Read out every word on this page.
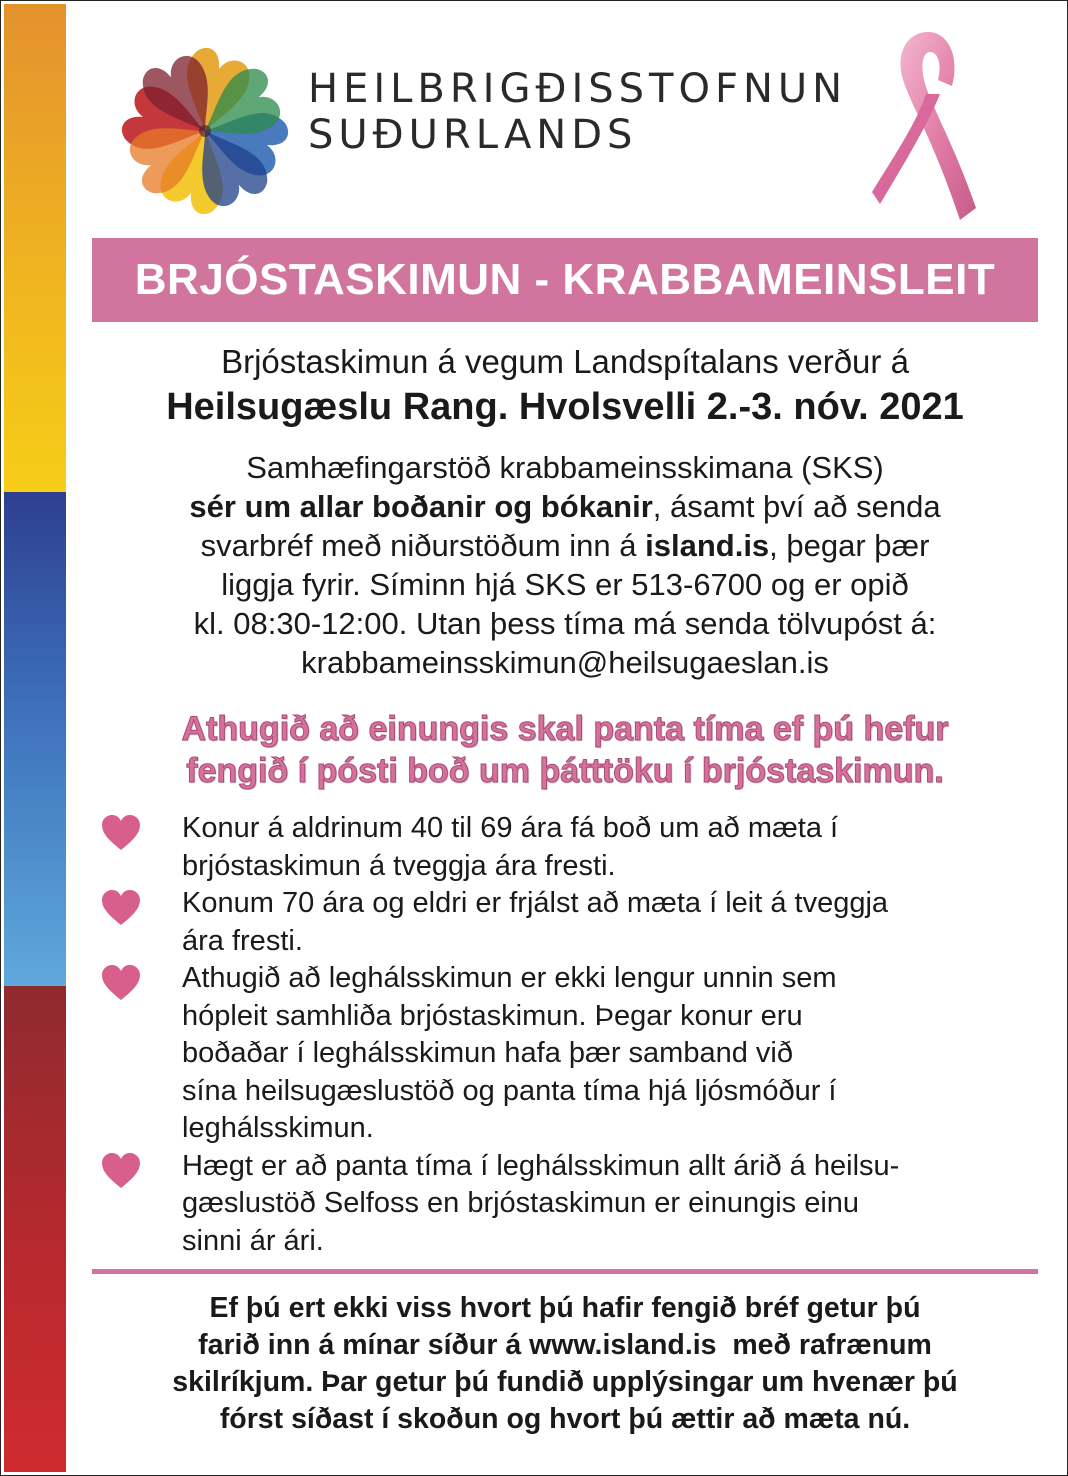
HEILBRIGÐISSTOFNUN
SUÐURLANDS
BRJÓSTASKIMUN - KRABBAMEINSLEIT
Brjóstaskimun á vegum Landspítalans verður á
Heilsugæslu Rang. Hvolsvelli 2.-3. nóv. 2021
Samhæfingarstöð krabbameinsskimana (SKS)
sér um allar boðanir og bókanir, ásamt því að senda
svarbréf með niðurstöðum inn á island.is, þegar þær
liggja fyrir. Síminn hjá SKS er 513-6700 og er opið
kl. 08:30-12:00. Utan þess tíma má senda tölvupóst á:
krabbameinsskimun@heilsugaeslan.is
Athugið að einungis skal panta tíma ef þú hefur
fengið í pósti boð um þátttöku í brjóstaskimun.
Konur á aldrinum 40 til 69 ára fá boð um að mæta í
brjóstaskimun á tveggja ára fresti.
Konum 70 ára og eldri er frjálst að mæta í leit á tveggja
ára fresti.
Athugið að leghálsskimun er ekki lengur unnin sem
hópleit samhliða brjóstaskimun. Þegar konur eru
boðaðar í leghálsskimun hafa þær samband við
sína heilsugæslustöð og panta tíma hjá ljósmóður í
leghálsskimun.
Hægt er að panta tíma í leghálsskimun allt árið á heilsu-
gæslustöð Selfoss en brjóstaskimun er einungis einu
sinni ár ári.
Ef þú ert ekki viss hvort þú hafir fengið bréf getur þú
farið inn á mínar síður á www.island.is  með rafrænum
skilríkjum. Þar getur þú fundið upplýsingar um hvenær þú
fórst síðast í skoðun og hvort þú ættir að mæta nú.
